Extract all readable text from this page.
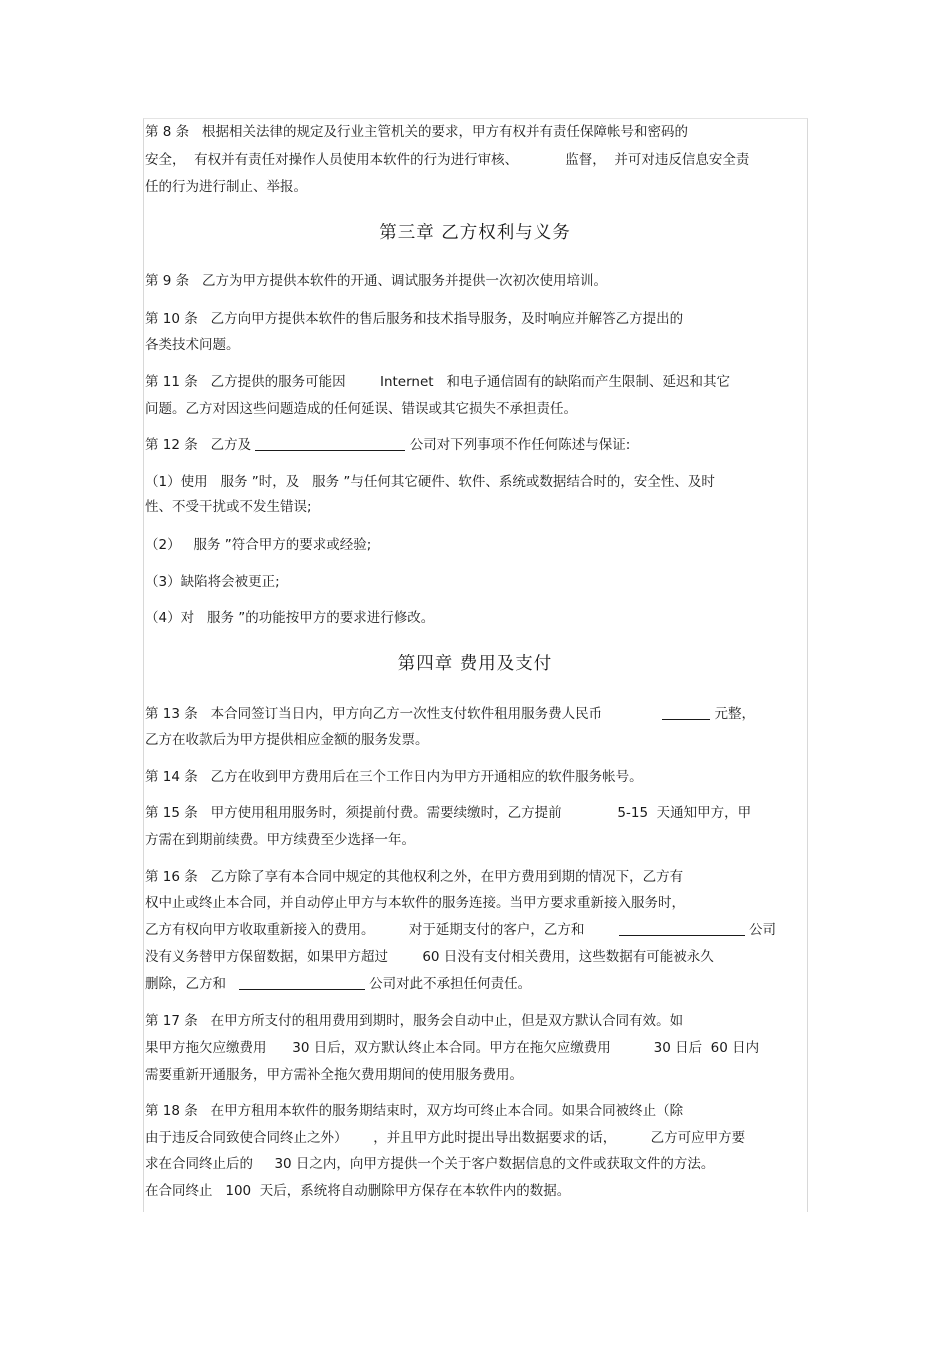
第 8 条   根据相关法律的规定及行业主管机关的要求，甲方有权并有责任保障帐号和密码的
安全，  有权并有责任对操作人员使用本软件的行为进行审核、           监督，  并可对违反信息安全责
任的行为进行制止、举报。
第三章 乙方权利与义务
第 9 条   乙方为甲方提供本软件的开通、调试服务并提供一次初次使用培训。
第 10 条   乙方向甲方提供本软件的售后服务和技术指导服务，及时响应并解答乙方提出的
各类技术问题。
第 11 条   乙方提供的服务可能因        Internet   和电子通信固有的缺陷而产生限制、延迟和其它
问题。乙方对因这些问题造成的任何延误、错误或其它损失不承担责任。
第 12 条   乙方及	公司对下列事项不作任何陈述与保证:
（1）使用   服务 ”时，及   服务 ”与任何其它硬件、软件、系统或数据结合时的，安全性、及时
性、不受干扰或不发生错误;
（2）   服务 ”符合甲方的要求或经验;
（3）缺陷将会被更正;
（4）对   服务 ”的功能按甲方的要求进行修改。
第四章 费用及支付
第 13 条   本合同签订当日内，甲方向乙方一次性支付软件租用服务费人民币	元整，
乙方在收款后为甲方提供相应金额的服务发票。
第 14 条   乙方在收到甲方费用后在三个工作日内为甲方开通相应的软件服务帐号。
第 15 条   甲方使用租用服务时，须提前付费。需要续缴时，乙方提前             5-15  天通知甲方，甲
方需在到期前续费。甲方续费至少选择一年。
第 16 条   乙方除了享有本合同中规定的其他权利之外，在甲方费用到期的情况下，乙方有
权中止或终止本合同，并自动停止甲方与本软件的服务连接。当甲方要求重新接入服务时，
乙方有权向甲方收取重新接入的费用。        对于延期支付的客户，乙方和	公司
没有义务替甲方保留数据，如果甲方超过        60 日没有支付相关费用，这些数据有可能被永久
删除，乙方和	公司对此不承担任何责任。
第 17 条   在甲方所支付的租用费用到期时，服务会自动中止，但是双方默认合同有效。如
果甲方拖欠应缴费用      30 日后，双方默认终止本合同。甲方在拖欠应缴费用          30 日后  60 日内
需要重新开通服务，甲方需补全拖欠费用期间的使用服务费用。
第 18 条   在甲方租用本软件的服务期结束时，双方均可终止本合同。如果合同被终止（除
由于违反合同致使合同终止之外）      ，并且甲方此时提出导出数据要求的话，        乙方可应甲方要
求在合同终止后的     30 日之内，向甲方提供一个关于客户数据信息的文件或获取文件的方法。
在合同终止   100  天后，系统将自动删除甲方保存在本软件内的数据。
